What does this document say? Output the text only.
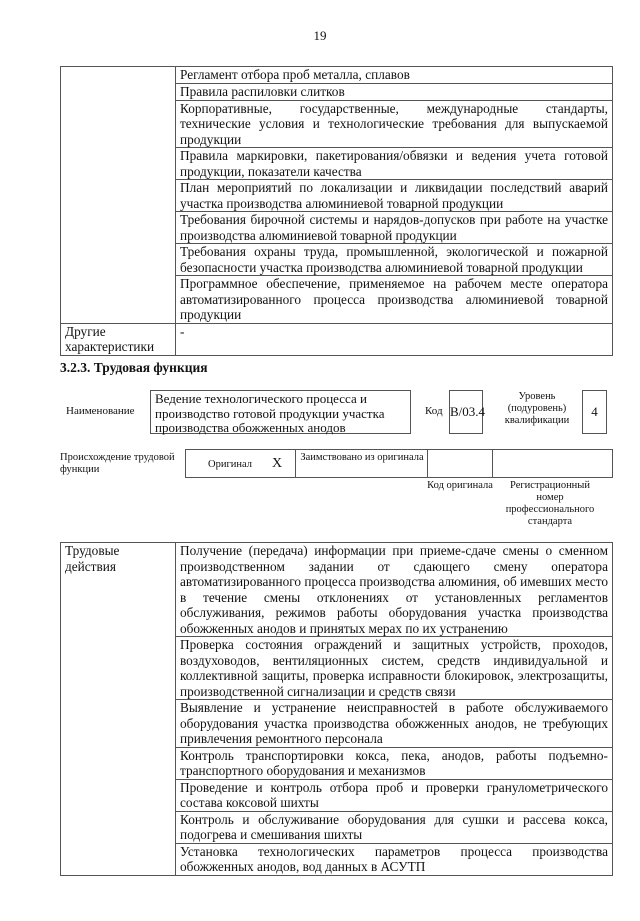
19
	Регламент отбора проб металла, сплавов
	Правила распиловки слитков
	Корпоративные, государственные, международные стандарты, технические условия и технологические требования для выпускаемой продукции
	Правила маркировки, пакетирования/обвязки и ведения учета готовой продукции, показатели качества
	План мероприятий по локализации и ликвидации последствий аварий участка производства алюминиевой товарной продукции
	Требования бирочной системы и нарядов-допусков при работе на участке производства алюминиевой товарной продукции
	Требования охраны труда, промышленной, экологической и пожарной безопасности участка производства алюминиевой товарной продукции
	Программное обеспечение, применяемое на рабочем месте оператора автоматизированного процесса производства алюминиевой товарной продукции
Другие характеристики	-
3.2.3. Трудовая функция
Наименование
Ведение технологического процесса и производство готовой продукции участка производства обожженных анодов
Код B/03.4
Уровень (подуровень) квалификации
4
Происхождение трудовой функции	Оригинал X Заимствовано из оригинала
Код оригинала	Регистрационный номер профессионального стандарта
Трудовые действия	Получение (передача) информации при приеме-сдаче смены о сменном производственном задании от сдающего смену оператора автоматизированного процесса производства алюминия, об имевших место в течение смены отклонениях от установленных регламентов обслуживания, режимов работы оборудования участка производства обожженных анодов и принятых мерах по их устранению
Проверка состояния ограждений и защитных устройств, проходов, воздуховодов, вентиляционных систем, средств индивидуальной и коллективной защиты, проверка исправности блокировок, электрозащиты, производственной сигнализации и средств связи
Выявление и устранение неисправностей в работе обслуживаемого оборудования участка производства обожженных анодов, не требующих привлечения ремонтного персонала
Контроль транспортировки кокса, пека, анодов, работы подъемно-транспортного оборудования и механизмов
Проведение и контроль отбора проб и проверки гранулометрического состава коксовой шихты
Контроль и обслуживание оборудования для сушки и рассева кокса, подогрева и смешивания шихты
Установка технологических параметров процесса производства обожженных анодов, вод данных в АСУТП
